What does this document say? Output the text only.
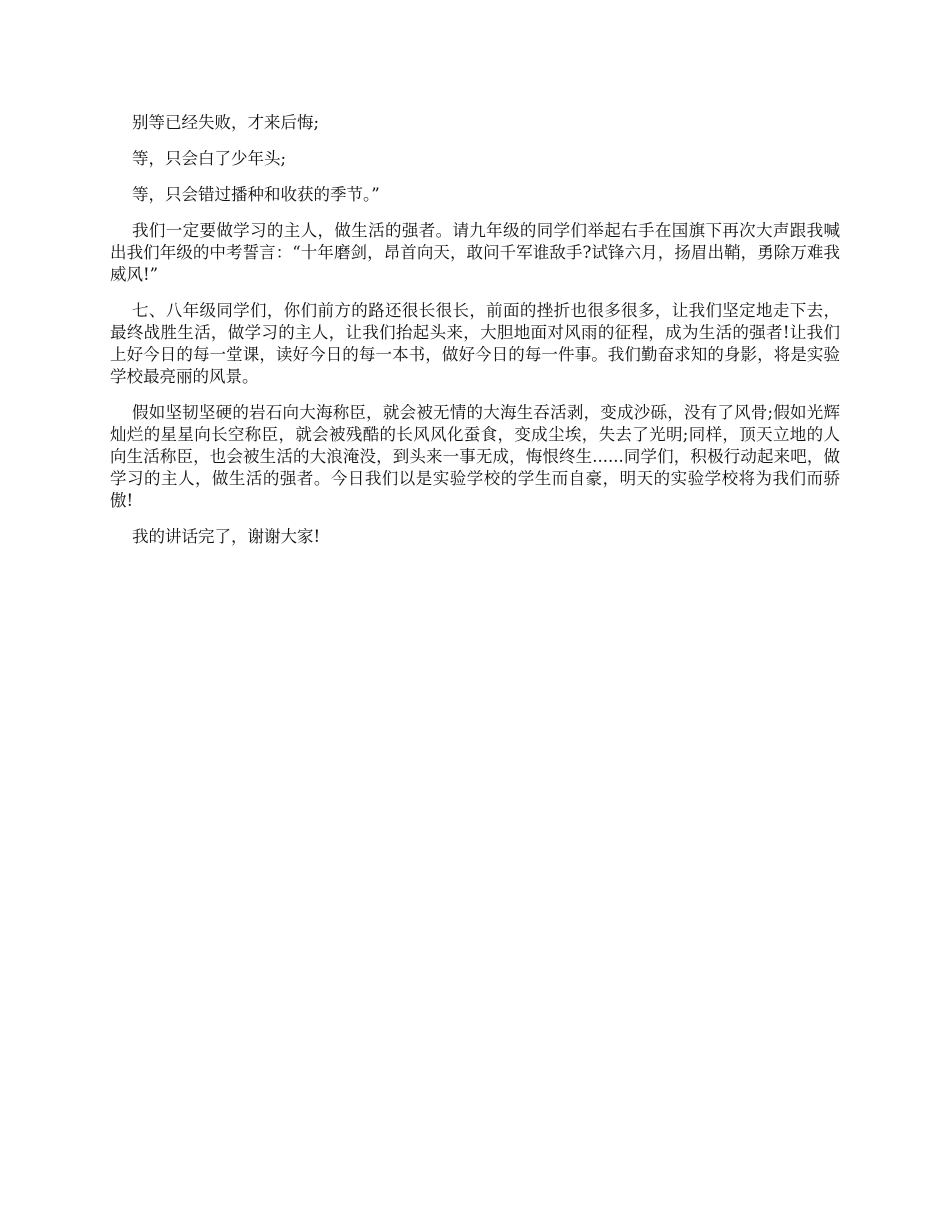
别等已经失败，才来后悔;

等，只会白了少年头;

等，只会错过播种和收获的季节。”

我们一定要做学习的主人，做生活的强者。请九年级的同学们举起右手在国旗下再次大声跟我喊出我们年级的中考誓言：“十年磨剑，昂首向天，敢问千军谁敌手?试锋六月，扬眉出鞘，勇除万难我威风!”

七、八年级同学们，你们前方的路还很长很长，前面的挫折也很多很多，让我们坚定地走下去，最终战胜生活，做学习的主人，让我们抬起头来，大胆地面对风雨的征程，成为生活的强者!让我们上好今日的每一堂课，读好今日的每一本书，做好今日的每一件事。我们勤奋求知的身影，将是实验学校最亮丽的风景。

假如坚韧坚硬的岩石向大海称臣，就会被无情的大海生吞活剥，变成沙砾，没有了风骨;假如光辉灿烂的星星向长空称臣，就会被残酷的长风风化蚕食，变成尘埃，失去了光明;同样，顶天立地的人向生活称臣，也会被生活的大浪淹没，到头来一事无成，悔恨终生......同学们，积极行动起来吧，做学习的主人，做生活的强者。今日我们以是实验学校的学生而自豪，明天的实验学校将为我们而骄傲!

我的讲话完了，谢谢大家!
